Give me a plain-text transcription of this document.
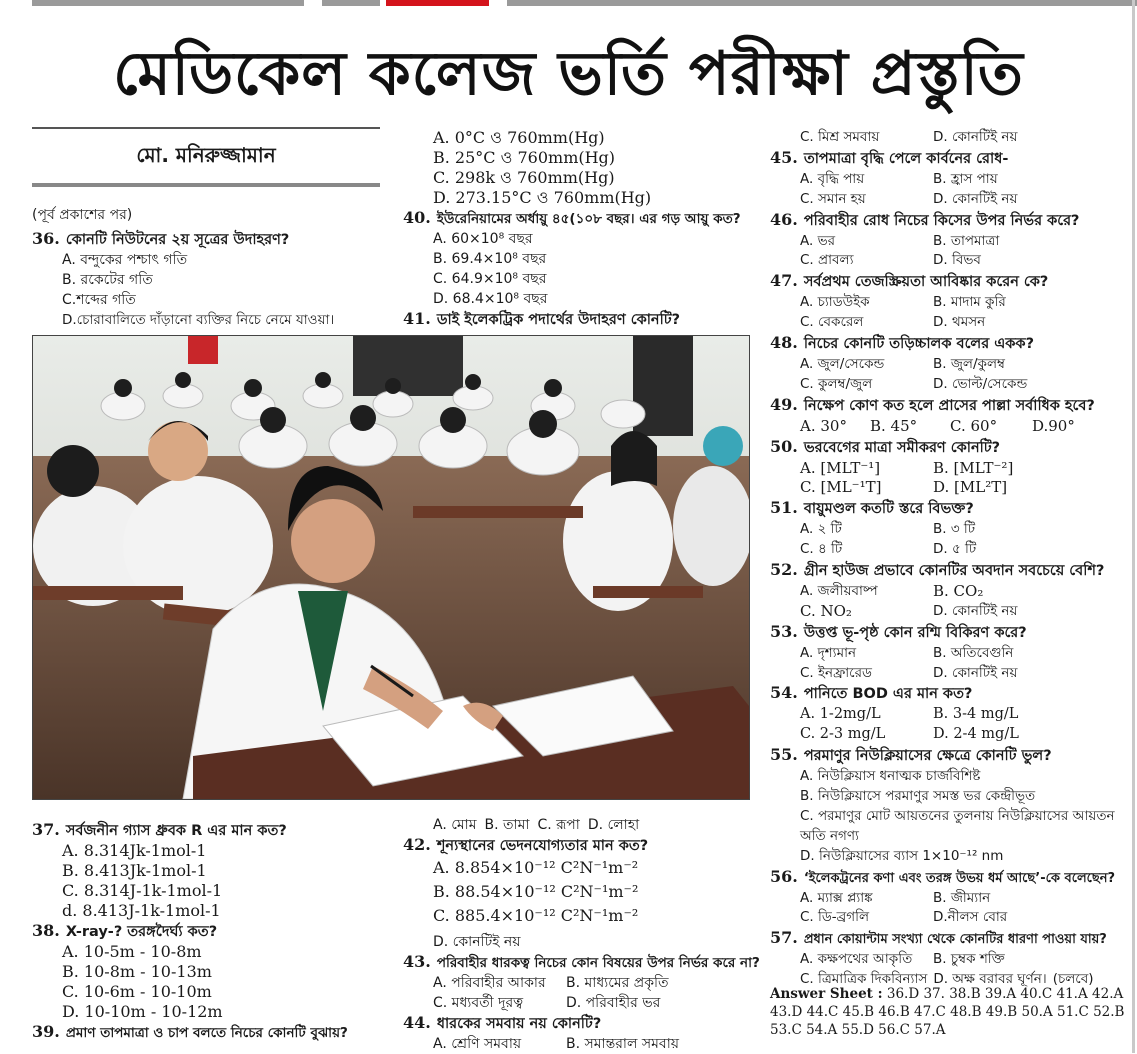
মেডিকেল কলেজ ভর্তি পরীক্ষা প্রস্তুতি
মো. মনিরুজ্জামান
(পূর্ব প্রকাশের পর)
36. কোনটি নিউটনের ২য় সূত্রের উদাহরণ?
A. বন্দুকের পশ্চাৎ গতি
B. রকেটের গতি
C.শব্দের গতি
D.চোরাবালিতে দাঁড়ানো ব্যক্তির নিচে নেমে যাওয়া।
A. 0°C ও 760mm(Hg)
B. 25°C ও 760mm(Hg)
C. 298k ও 760mm(Hg)
D. 273.15°C ও 760mm(Hg)
40. ইউরেনিয়ামের অর্ধায়ু ৪৫(১০৮ বছর। এর গড় আয়ু কত?
A. 60×10⁸ বছর
B. 69.4×10⁸ বছর
C. 64.9×10⁸ বছর
D. 68.4×10⁸ বছর
41. ডাই ইলেকট্রিক পদার্থের উদাহরণ কোনটি?
37. সর্বজনীন গ্যাস ধ্রুবক R এর মান কত?
A. 8.314Jk-1mol-1
B. 8.413Jk-1mol-1
C. 8.314J-1k-1mol-1
d. 8.413J-1k-1mol-1
38. X-ray-? তরঙ্গদৈর্ঘ্য কত?
A. 10-5m - 10-8m
B. 10-8m - 10-13m
C. 10-6m - 10-10m
D. 10-10m - 10-12m
39. প্রমাণ তাপমাত্রা ও চাপ বলতে নিচের কোনটি বুঝায়?
A. মোম B. তামা C. রূপা D. লোহা
42. শূন্যস্থানের ভেদনযোগ্যতার মান কত?
A. 8.854×10⁻¹² C²N⁻¹m⁻²
B. 88.54×10⁻¹² C²N⁻¹m⁻²
C. 885.4×10⁻¹² C²N⁻¹m⁻²
D. কোনটিই নয়
43. পরিবাহীর ধারকত্ব নিচের কোন বিষয়ের উপর নির্ভর করে না?
A. পরিবাহীর আকার	B. মাধ্যমের প্রকৃতি
C. মধ্যবর্তী দূরত্ব	D. পরিবাহীর ভর
44. ধারকের সমবায় নয় কোনটি?
A. শ্রেণি সমবায়	B. সমান্তরাল সমবায়
C. মিশ্র সমবায়	D. কোনটিই নয়
45. তাপমাত্রা বৃদ্ধি পেলে কার্বনের রোধ-
A. বৃদ্ধি পায়	B. হ্রাস পায়
C. সমান হয়	D. কোনটিই নয়
46. পরিবাহীর রোধ নিচের কিসের উপর নির্ভর করে?
A. ভর	B. তাপমাত্রা
C. প্রাবল্য	D. বিভব
47. সর্বপ্রথম তেজস্ক্রিয়তা আবিষ্কার করেন কে?
A. চ্যাডউইক	B. মাদাম কুরি
C. বেকরেল	D. থমসন
48. নিচের কোনটি তড়িচ্চালক বলের একক?
A. জুল/সেকেন্ড	B. জুল/কুলম্ব
C. কুলম্ব/জুল	D. ভোল্ট/সেকেন্ড
49. নিক্ষেপ কোণ কত হলে প্রাসের পাল্লা সর্বাধিক হবে?
A. 30°	B. 45°	C. 60°	D.90°
50. ভরবেগের মাত্রা সমীকরণ কোনটি?
A. [MLT⁻¹]	B. [MLT⁻²]
C. [ML⁻¹T]	D. [ML²T]
51. বায়ুমণ্ডল কতটি স্তরে বিভক্ত?
A. ২ টি	B. ৩ টি
C. ৪ টি	D. ৫ টি
52. গ্রীন হাউজ প্রভাবে কোনটির অবদান সবচেয়ে বেশি?
A. জলীয়বাষ্প	B. CO₂
C. NO₂	D. কোনটিই নয়
53. উত্তপ্ত ভূ-পৃষ্ঠ কোন রশ্মি বিকিরণ করে?
A. দৃশ্যমান	B. অতিবেগুনি
C. ইনফ্রারেড	D. কোনটিই নয়
54. পানিতে BOD এর মান কত?
A. 1-2mg/L	B. 3-4 mg/L
C. 2-3 mg/L	D. 2-4 mg/L
55. পরমাণুর নিউক্লিয়াসের ক্ষেত্রে কোনটি ভুল?
A. নিউক্লিয়াস ধনাত্মক চার্জবিশিষ্ট
B. নিউক্লিয়াসে পরমাণুর সমস্ত ভর কেন্দ্রীভূত
C. পরমাণুর মোট আয়তনের তুলনায় নিউক্লিয়াসের আয়তন অতি নগণ্য
D. নিউক্লিয়াসের ব্যাস 1×10⁻¹² nm
56. ‘ইলেকট্রনের কণা এবং তরঙ্গ উভয় ধর্ম আছে’-কে বলেছেন?
A. ম্যাক্স প্ল্যাঙ্ক	B. জীম্যান
C. ডি-ব্রগলি	D.নীলস বোর
57. প্রধান কোয়ান্টাম সংখ্যা থেকে কোনটির ধারণা পাওয়া যায়?
A. কক্ষপথের আকৃতি	B. চুম্বক শক্তি
C. ত্রিমাত্রিক দিকবিন্যাস D. অক্ষ বরাবর ঘূর্ণন। (চলবে)
Answer Sheet : 36.D 37. 38.B 39.A 40.C 41.A 42.A 43.D 44.C 45.B 46.B 47.C 48.B 49.B 50.A 51.C 52.B 53.C 54.A 55.D 56.C 57.A
